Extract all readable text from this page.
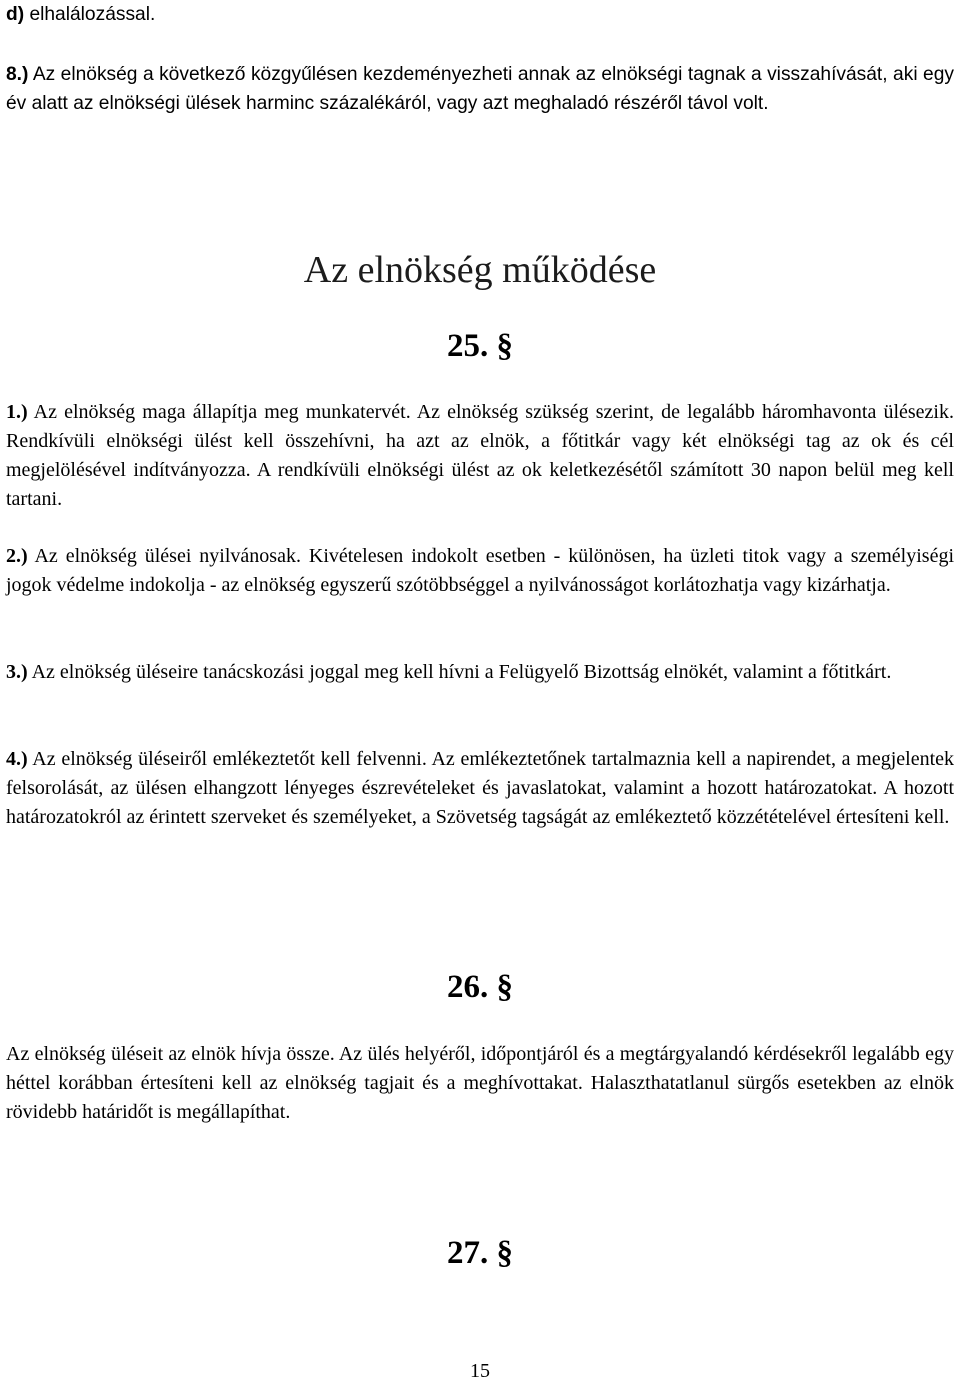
d) elhalálozással.

8.) Az elnökség a következő közgyűlésen kezdeményezheti annak az elnökségi tagnak a visszahívását, aki egy év alatt az elnökségi ülések harminc százalékáról, vagy azt meghaladó részéről távol volt.

Az elnökség működése
25. §

1.) Az elnökség maga állapítja meg munkatervét. Az elnökség szükség szerint, de legalább háromhavonta ülésezik. Rendkívüli elnökségi ülést kell összehívni, ha azt az elnök, a főtitkár vagy két elnökségi tag az ok és cél megjelölésével indítványozza. A rendkívüli elnökségi ülést az ok keletkezésétől számított 30 napon belül meg kell tartani.

2.) Az elnökség ülései nyilvánosak. Kivételesen indokolt esetben - különösen, ha üzleti titok vagy a személyiségi jogok védelme indokolja - az elnökség egyszerű szótöbbséggel a nyilvánosságot korlátozhatja vagy kizárhatja.

3.) Az elnökség üléseire tanácskozási joggal meg kell hívni a Felügyelő Bizottság elnökét, valamint a főtitkárt.

4.) Az elnökség üléseiről emlékeztetőt kell felvenni. Az emlékeztetőnek tartalmaznia kell a napirendet, a megjelentek felsorolását, az ülésen elhangzott lényeges észrevételeket és javaslatokat, valamint a hozott határozatokat. A hozott határozatokról az érintett szerveket és személyeket, a Szövetség tagságát az emlékeztető közzétételével értesíteni kell.

26. §

Az elnökség üléseit az elnök hívja össze. Az ülés helyéről, időpontjáról és a megtárgyalandó kérdésekről legalább egy héttel korábban értesíteni kell az elnökség tagjait és a meghívottakat. Halaszthatatlanul sürgős esetekben az elnök rövidebb határidőt is megállapíthat.

27. §
15
